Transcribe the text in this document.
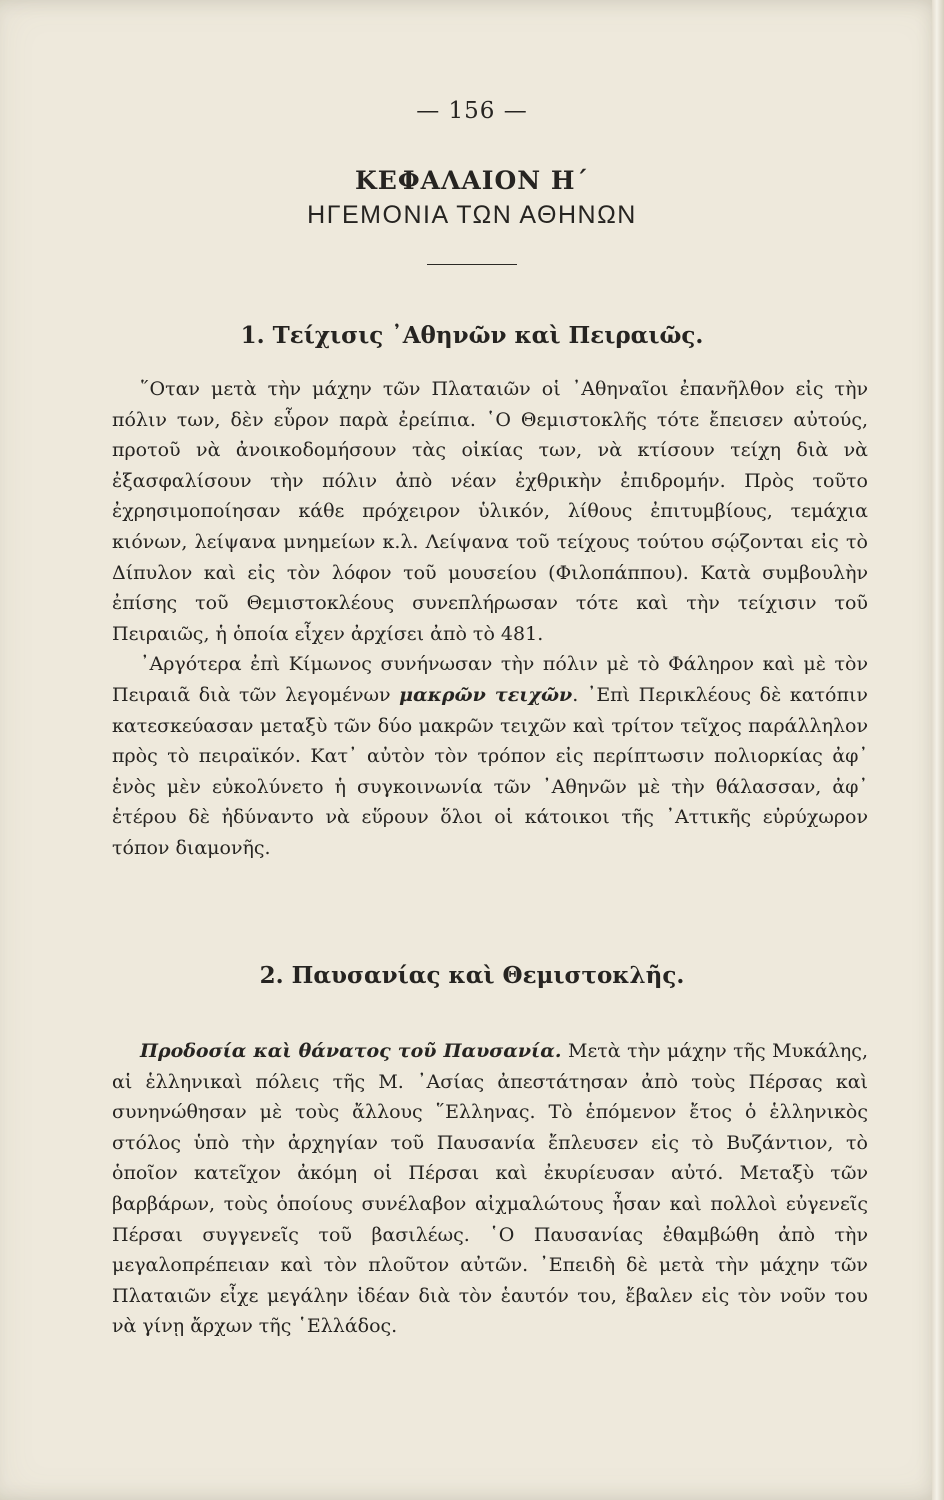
— 156 —
ΚΕΦΑΛΑΙΟΝ Η΄
ΗΓΕΜΟΝΙΑ ΤΩΝ ΑΘΗΝΩΝ
1. Τείχισις ᾿Αθηνῶν καὶ Πειραιῶς.

῞Οταν μετὰ τὴν μάχην τῶν Πλαταιῶν οἱ ᾿Αθηναῖοι ἐπανῆλθον εἰς τὴν πόλιν των, δὲν εὗρον παρὰ ἐρείπια. ῾Ο Θεμιστοκλῆς τότε ἔπεισεν αὐτούς, προτοῦ νὰ ἀνοικοδομήσουν τὰς οἰκίας των, νὰ κτίσουν τείχη διὰ νὰ ἐξασφαλίσουν τὴν πόλιν ἀπὸ νέαν ἐχθρικὴν ἐπιδρομήν. Πρὸς τοῦτο ἐχρησιμοποίησαν κάθε πρόχειρον ὑλικόν, λίθους ἐπιτυμβίους, τεμάχια κιόνων, λείψανα μνημείων κ.λ. Λείψανα τοῦ τείχους τούτου σῴζονται εἰς τὸ Δίπυλον καὶ εἰς τὸν λόφον τοῦ μουσείου (Φιλοπάππου). Κατὰ συμβουλὴν ἐπίσης τοῦ Θεμιστοκλέους συνεπλήρωσαν τότε καὶ τὴν τείχισιν τοῦ Πειραιῶς, ἡ ὁποία εἶχεν ἀρχίσει ἀπὸ τὸ 481.

᾿Αργότερα ἐπὶ Κίμωνος συνήνωσαν τὴν πόλιν μὲ τὸ Φάληρον καὶ μὲ τὸν Πειραιᾶ διὰ τῶν λεγομένων μακρῶν τειχῶν. ᾿Επὶ Περικλέους δὲ κατόπιν κατεσκεύασαν μεταξὺ τῶν δύο μακρῶν τειχῶν καὶ τρίτον τεῖχος παράλληλον πρὸς τὸ πειραϊκόν. Κατ᾿ αὐτὸν τὸν τρόπον εἰς περίπτωσιν πολιορκίας ἀφ᾿ ἑνὸς μὲν εὐκολύνετο ἡ συγκοινωνία τῶν ᾿Αθηνῶν μὲ τὴν θάλασσαν, ἀφ᾿ ἑτέρου δὲ ἠδύναντο νὰ εὕρουν ὅλοι οἱ κάτοικοι τῆς ᾿Αττικῆς εὐρύχωρον τόπον διαμονῆς.

2. Παυσανίας καὶ Θεμιστοκλῆς.

Προδοσία καὶ θάνατος τοῦ Παυσανία. Μετὰ τὴν μάχην τῆς Μυκάλης, αἱ ἑλληνικαὶ πόλεις τῆς Μ. ᾿Ασίας ἀπεστάτησαν ἀπὸ τοὺς Πέρσας καὶ συνηνώθησαν μὲ τοὺς ἄλλους ῞Ελληνας. Τὸ ἑπόμενον ἔτος ὁ ἑλληνικὸς στόλος ὑπὸ τὴν ἀρχηγίαν τοῦ Παυσανία ἔπλευσεν εἰς τὸ Βυζάντιον, τὸ ὁποῖον κατεῖχον ἀκόμη οἱ Πέρσαι καὶ ἐκυρίευσαν αὐτό. Μεταξὺ τῶν βαρβάρων, τοὺς ὁποίους συνέλαβον αἰχμαλώτους ἦσαν καὶ πολλοὶ εὐγενεῖς Πέρσαι συγγενεῖς τοῦ βασιλέως. ῾Ο Παυσανίας ἐθαμβώθη ἀπὸ τὴν μεγαλοπρέπειαν καὶ τὸν πλοῦτον αὐτῶν. ᾿Επειδὴ δὲ μετὰ τὴν μάχην τῶν Πλαταιῶν εἶχε μεγάλην ἰδέαν διὰ τὸν ἑαυτόν του, ἔβαλεν εἰς τὸν νοῦν του νὰ γίνῃ ἄρχων τῆς ῾Ελλάδος.
